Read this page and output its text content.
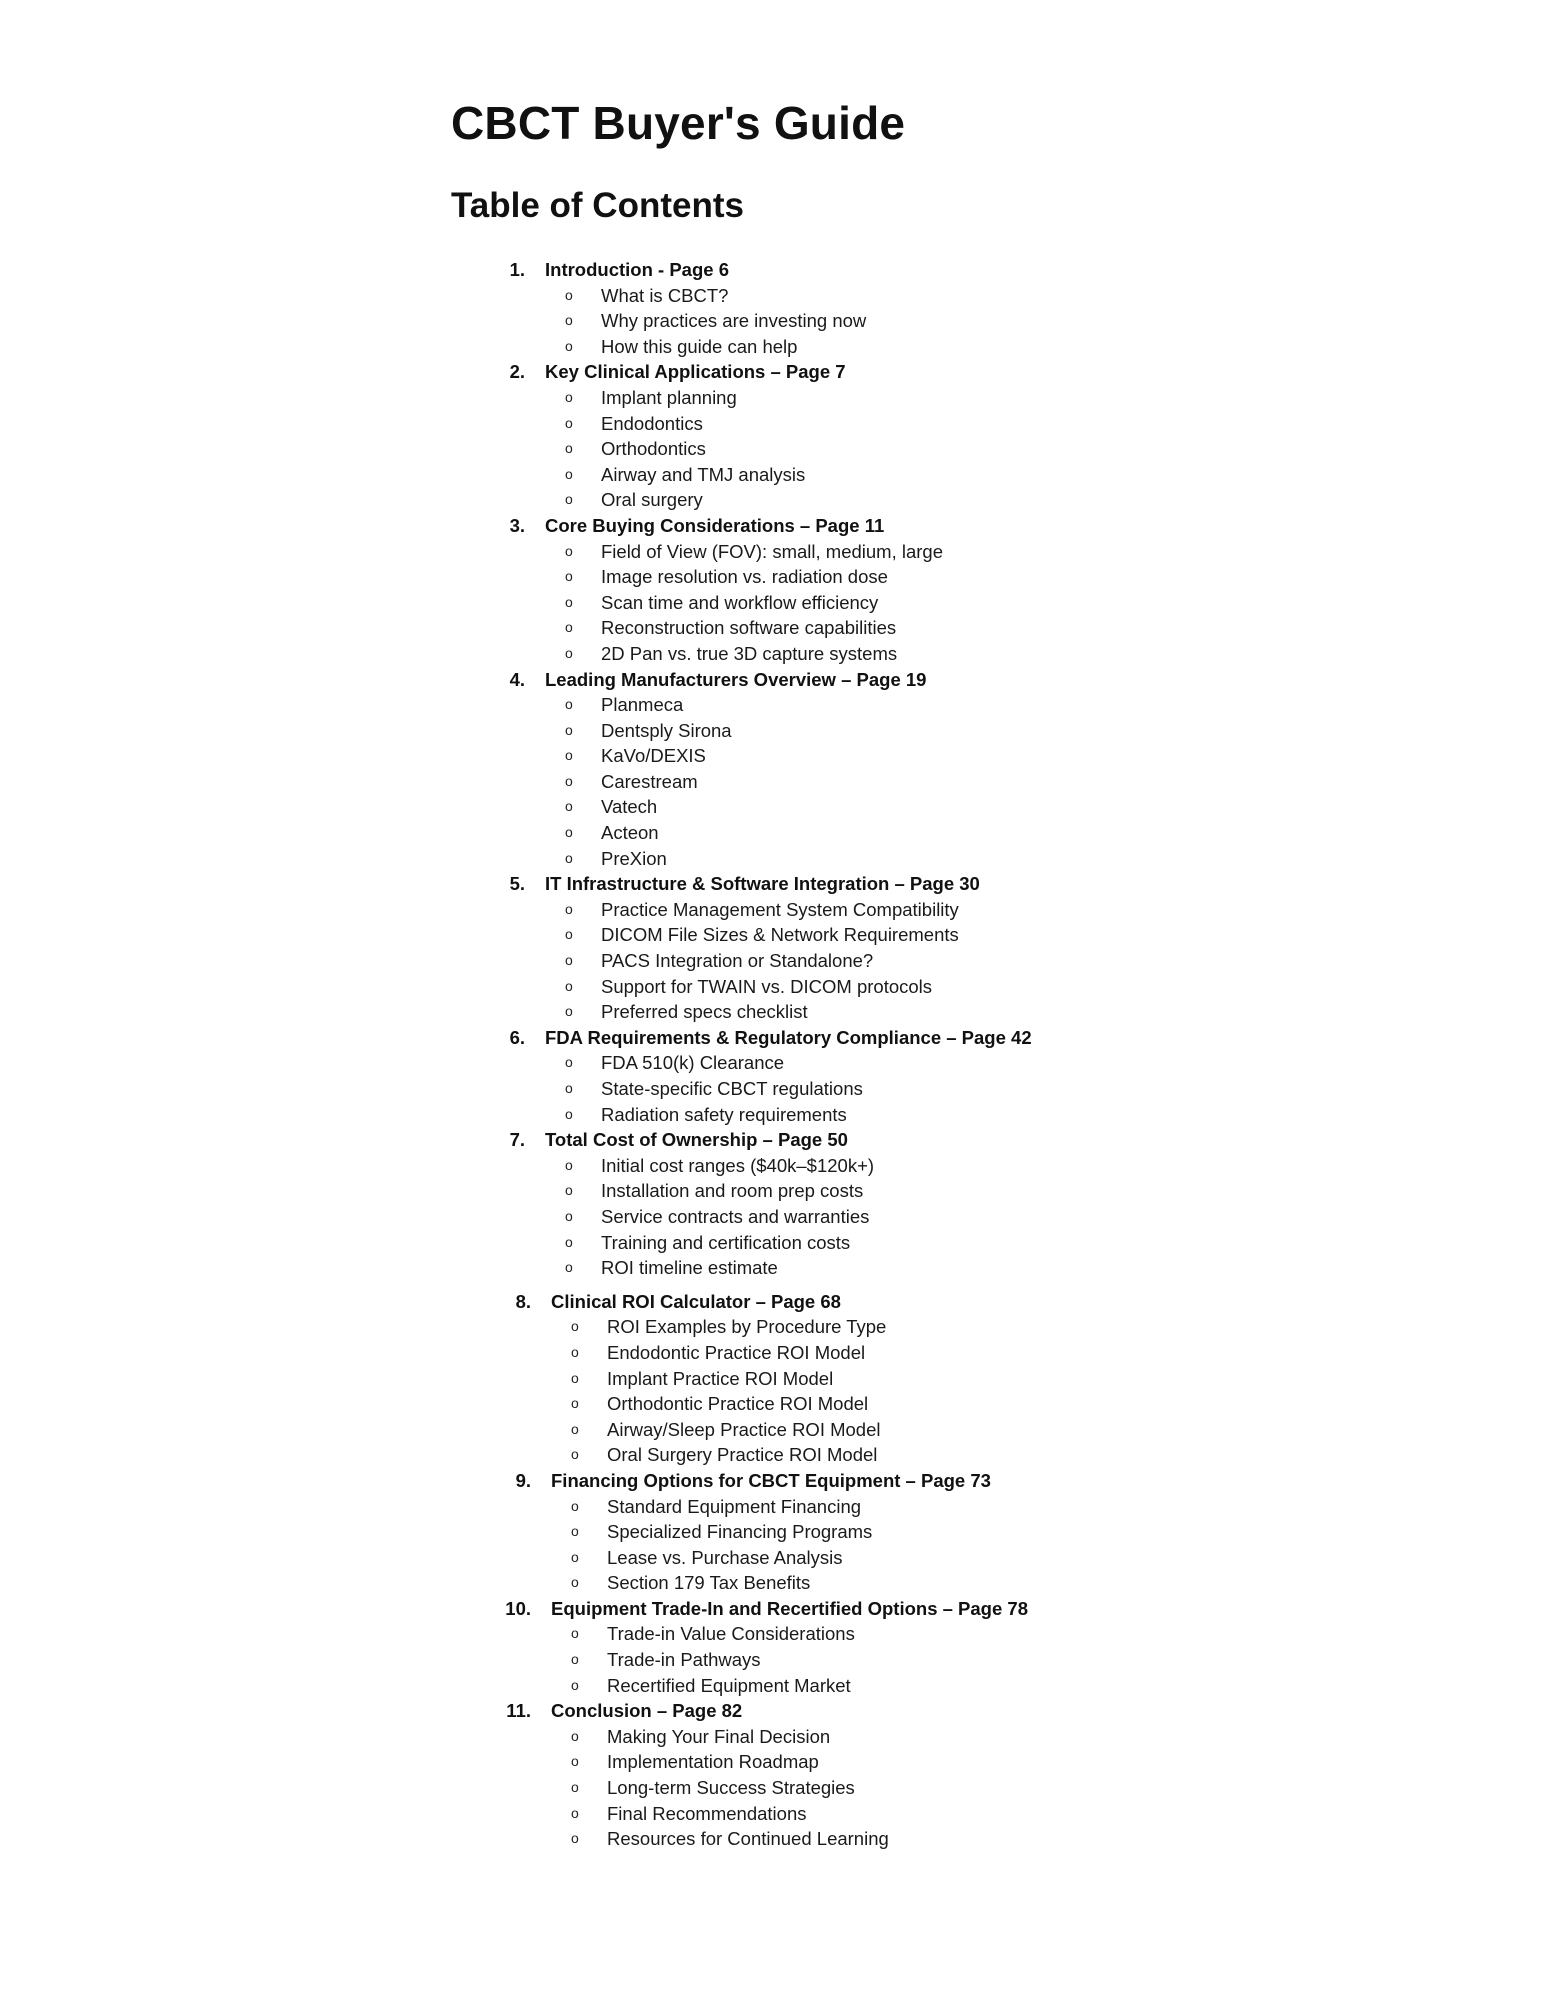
CBCT Buyer's Guide
Table of Contents
1. Introduction - Page 6
o What is CBCT?
o Why practices are investing now
o How this guide can help
2. Key Clinical Applications – Page 7
o Implant planning
o Endodontics
o Orthodontics
o Airway and TMJ analysis
o Oral surgery
3. Core Buying Considerations – Page 11
o Field of View (FOV): small, medium, large
o Image resolution vs. radiation dose
o Scan time and workflow efficiency
o Reconstruction software capabilities
o 2D Pan vs. true 3D capture systems
4. Leading Manufacturers Overview – Page 19
o Planmeca
o Dentsply Sirona
o KaVo/DEXIS
o Carestream
o Vatech
o Acteon
o PreXion
5. IT Infrastructure & Software Integration – Page 30
o Practice Management System Compatibility
o DICOM File Sizes & Network Requirements
o PACS Integration or Standalone?
o Support for TWAIN vs. DICOM protocols
o Preferred specs checklist
6. FDA Requirements & Regulatory Compliance – Page 42
o FDA 510(k) Clearance
o State-specific CBCT regulations
o Radiation safety requirements
7. Total Cost of Ownership – Page 50
o Initial cost ranges ($40k–$120k+)
o Installation and room prep costs
o Service contracts and warranties
o Training and certification costs
o ROI timeline estimate
8. Clinical ROI Calculator – Page 68
o ROI Examples by Procedure Type
o Endodontic Practice ROI Model
o Implant Practice ROI Model
o Orthodontic Practice ROI Model
o Airway/Sleep Practice ROI Model
o Oral Surgery Practice ROI Model
9. Financing Options for CBCT Equipment – Page 73
o Standard Equipment Financing
o Specialized Financing Programs
o Lease vs. Purchase Analysis
o Section 179 Tax Benefits
10. Equipment Trade-In and Recertified Options – Page 78
o Trade-in Value Considerations
o Trade-in Pathways
o Recertified Equipment Market
11. Conclusion – Page 82
o Making Your Final Decision
o Implementation Roadmap
o Long-term Success Strategies
o Final Recommendations
o Resources for Continued Learning
